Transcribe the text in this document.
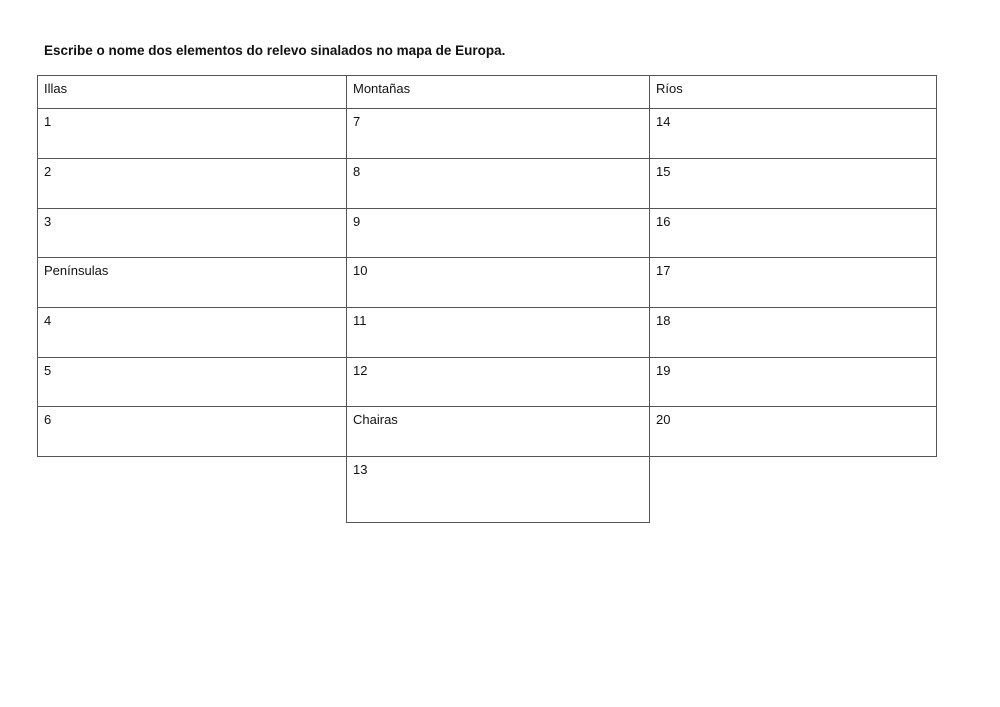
Escribe o nome dos elementos do relevo sinalados no mapa de Europa.
Illas
1
2
3
Penínsulas
4
5
6
Montañas
7
8
9
10
11
12
Chairas
13
Ríos
14
15
16
17
18
19
20
